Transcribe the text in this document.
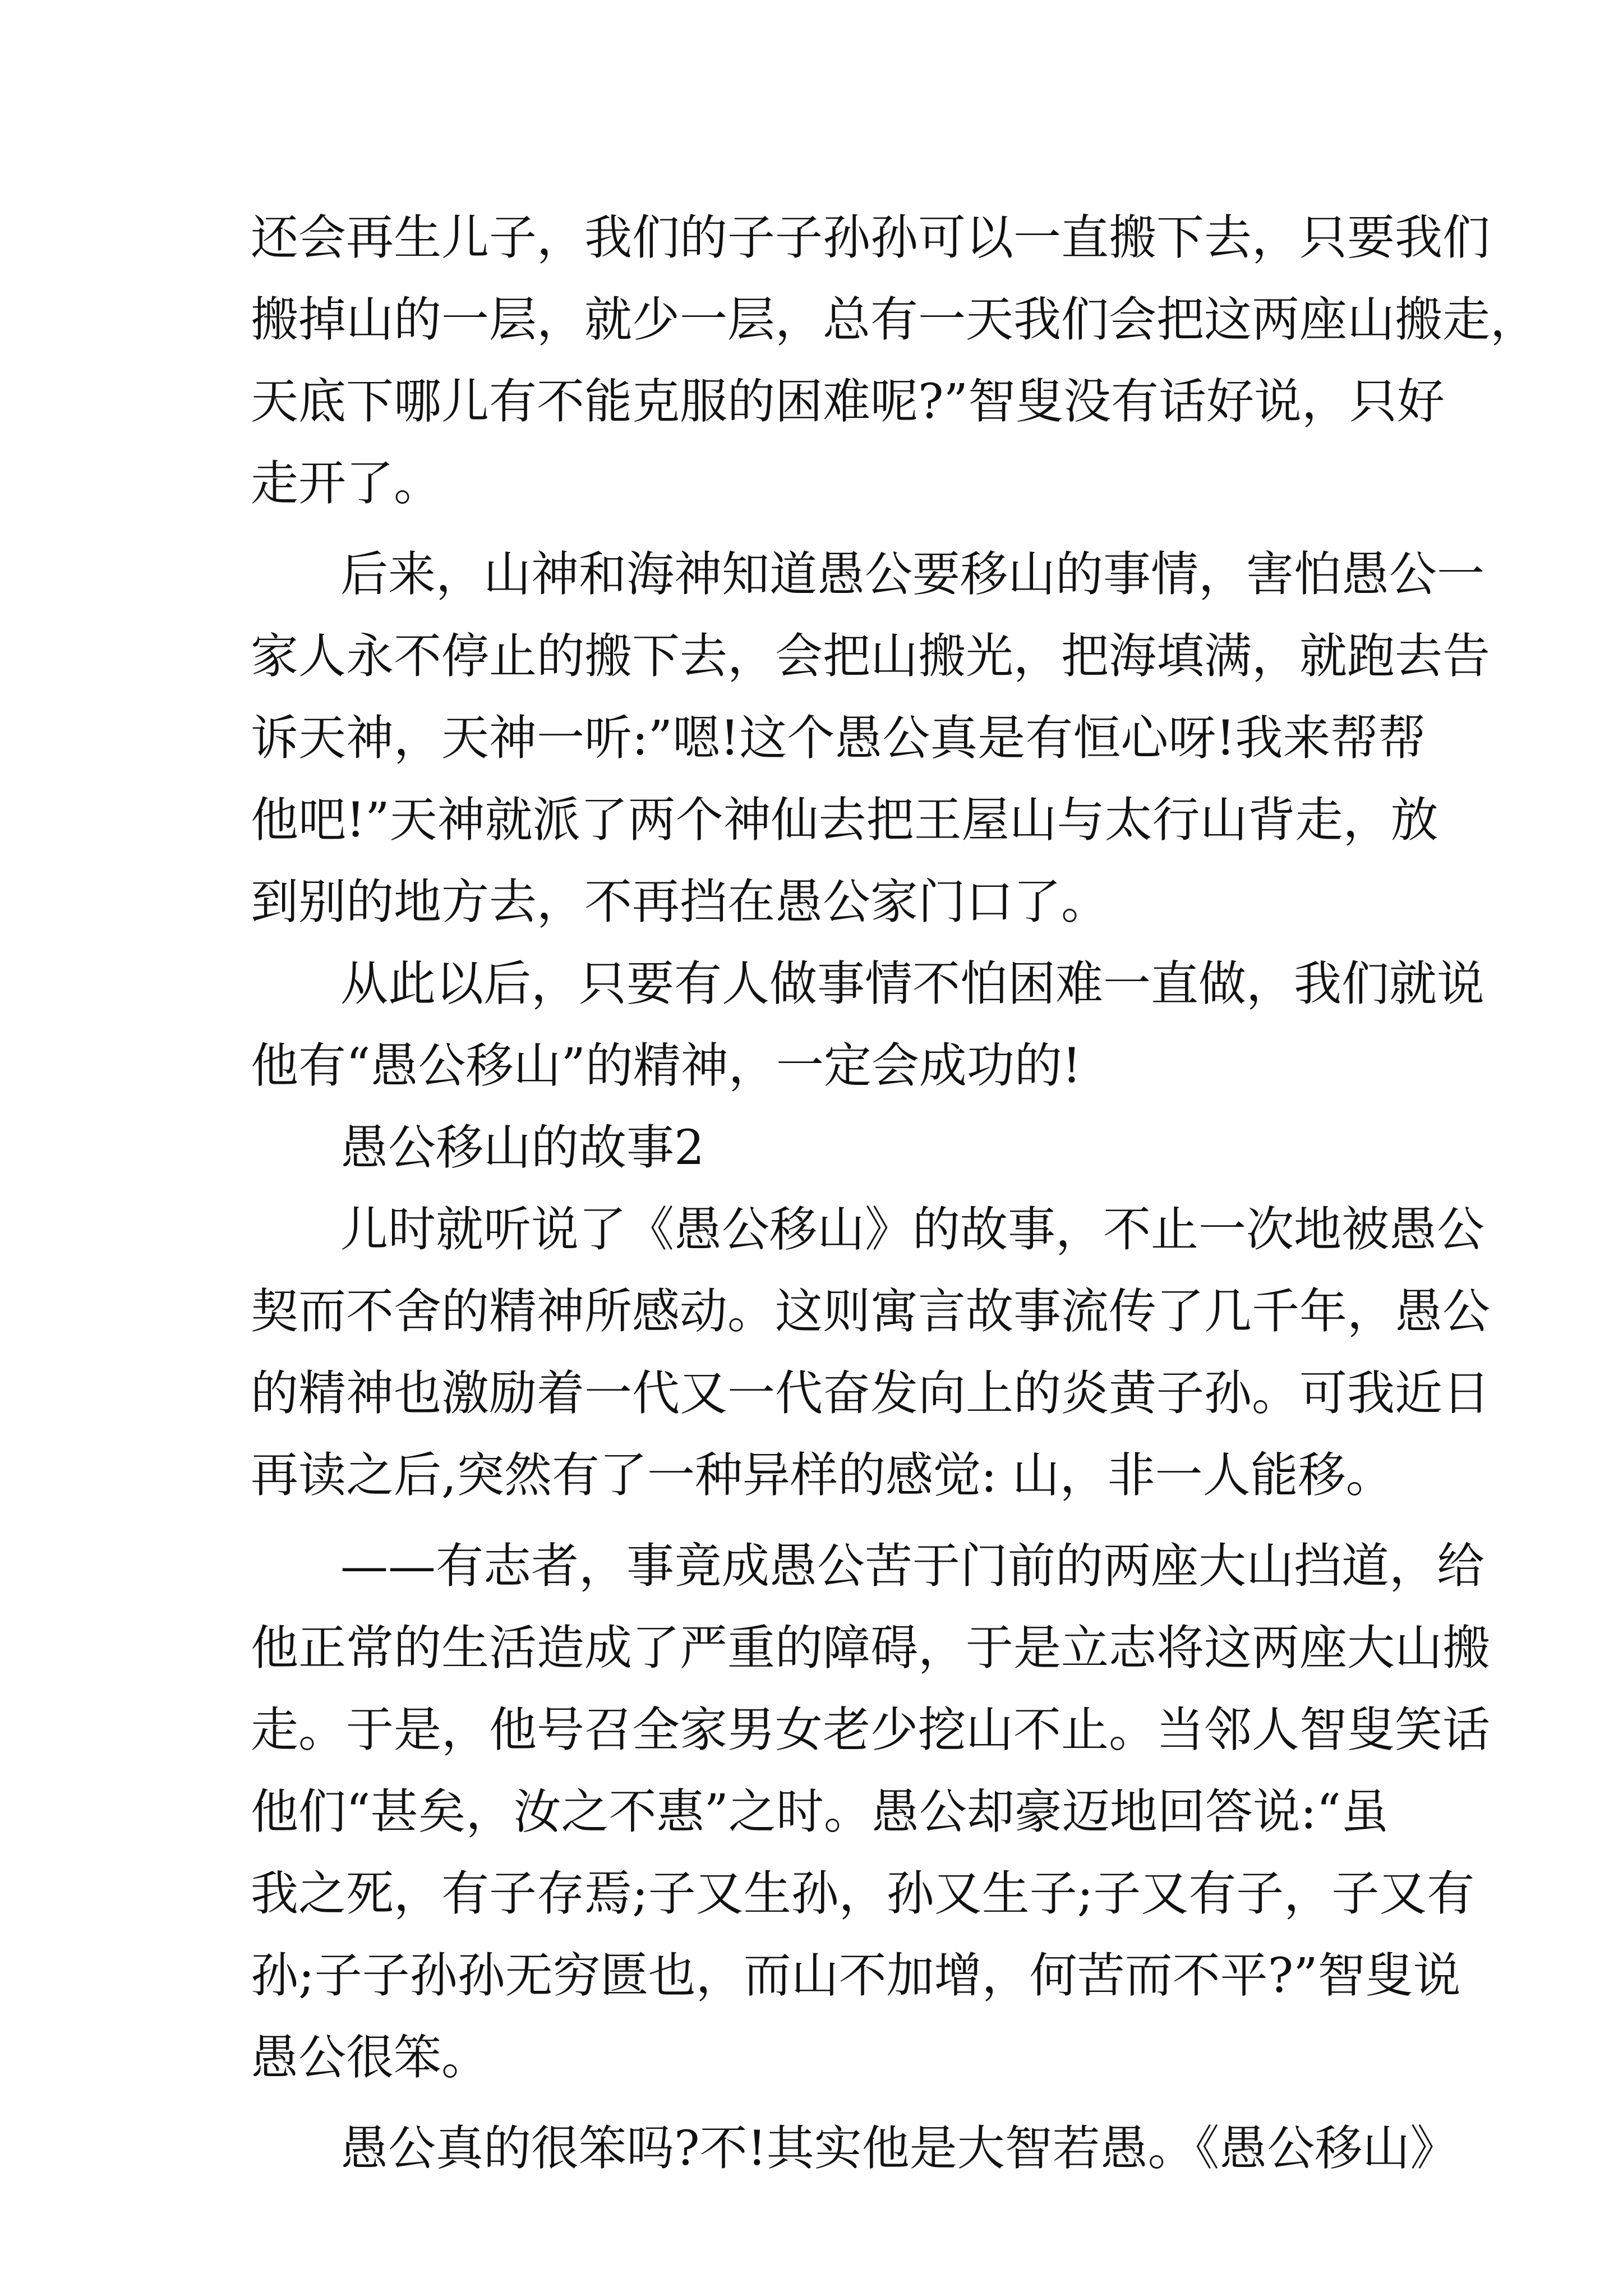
还会再生儿子，我们的子子孙孙可以一直搬下去，只要我们
搬掉山的一层，就少一层，总有一天我们会把这两座山搬走，
天底下哪儿有不能克服的困难呢?”智叟没有话好说，只好
走开了。
后来，山神和海神知道愚公要移山的事情，害怕愚公一
家人永不停止的搬下去，会把山搬光，把海填满，就跑去告
诉天神，天神一听:”嗯!这个愚公真是有恒心呀!我来帮帮
他吧!”天神就派了两个神仙去把王屋山与太行山背走，放
到别的地方去，不再挡在愚公家门口了。
从此以后，只要有人做事情不怕困难一直做，我们就说
他有“愚公移山”的精神，一定会成功的!
愚公移山的故事2
儿时就听说了《愚公移山》的故事，不止一次地被愚公
契而不舍的精神所感动。这则寓言故事流传了几千年，愚公
的精神也激励着一代又一代奋发向上的炎黄子孙。可我近日
再读之后,突然有了一种异样的感觉: 山，非一人能移。
——有志者，事竟成愚公苦于门前的两座大山挡道，给
他正常的生活造成了严重的障碍，于是立志将这两座大山搬
走。于是，他号召全家男女老少挖山不止。当邻人智叟笑话
他们“甚矣，汝之不惠”之时。愚公却豪迈地回答说:“虽
我之死，有子存焉;子又生孙，孙又生子;子又有子，子又有
孙;子子孙孙无穷匮也，而山不加增，何苦而不平?”智叟说
愚公很笨。
愚公真的很笨吗?不!其实他是大智若愚。《愚公移山》
